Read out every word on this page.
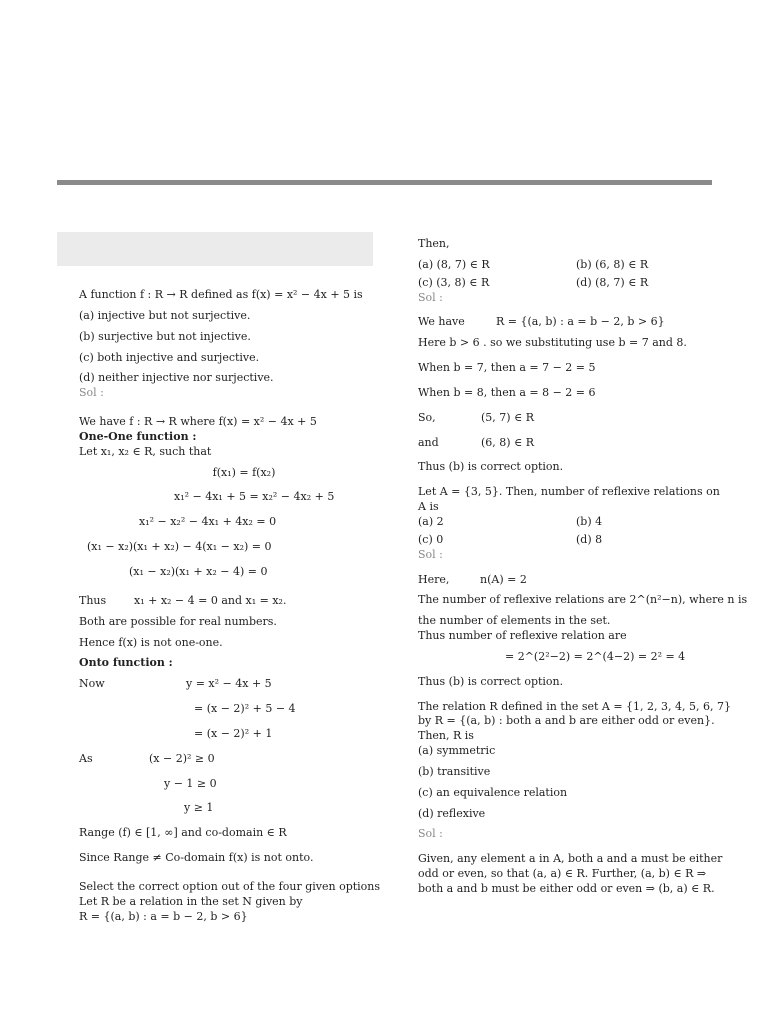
A function f : R → R defined as f(x) = x² − 4x + 5 is
(a) injective but not surjective.
(b) surjective but not injective.
(c) both injective and surjective.
(d) neither injective nor surjective.
Sol :
We have f : R → R where f(x) = x² − 4x + 5
One-One function :
Let x₁, x₂ ∈ R, such that
f(x₁) = f(x₂)
x₁² − 4x₁ + 5 = x₂² − 4x₂ + 5
x₁² − x₂² − 4x₁ + 4x₂ = 0
(x₁ − x₂)(x₁ + x₂) − 4(x₁ − x₂) = 0
(x₁ − x₂)(x₁ + x₂ − 4) = 0
Thus	x₁ + x₂ − 4 = 0 and x₁ = x₂.
Both are possible for real numbers.
Hence f(x) is not one-one.
Onto function :
Now	y = x² − 4x + 5
= (x − 2)² + 5 − 4
= (x − 2)² + 1
As	(x − 2)² ≥ 0
y − 1 ≥ 0
y ≥ 1
Range (f) ∈ [1, ∞] and co-domain ∈ R
Since Range ≠ Co-domain f(x) is not onto.
Select the correct option out of the four given options
Let R be a relation in the set N given by
R = {(a, b) : a = b − 2, b > 6}
Then,
(a) (8, 7) ∈ R	(b) (6, 8) ∈ R
(c) (3, 8) ∈ R	(d) (8, 7) ∈ R
Sol :
We have	R = {(a, b) : a = b − 2, b > 6}
Here b > 6 . so we substituting use b = 7 and 8.
When b = 7, then a = 7 − 2 = 5
When b = 8, then a = 8 − 2 = 6
So,	(5, 7) ∈ R
and	(6, 8) ∈ R
Thus (b) is correct option.
Let A = {3, 5}. Then, number of reflexive relations on
A is
(a) 2	(b) 4
(c) 0	(d) 8
Sol :
Here,	n(A) = 2
The number of reflexive relations are 2^(n²−n), where n is
the number of elements in the set.
Thus number of reflexive relation are
= 2^(2²−2) = 2^(4−2) = 2² = 4
Thus (b) is correct option.
The relation R defined in the set A = {1, 2, 3, 4, 5, 6, 7}
by R = {(a, b) : both a and b are either odd or even}.
Then, R is
(a) symmetric
(b) transitive
(c) an equivalence relation
(d) reflexive
Sol :
Given, any element a in A, both a and a must be either
odd or even, so that (a, a) ∈ R. Further, (a, b) ∈ R ⇒
both a and b must be either odd or even ⇒ (b, a) ∈ R.
